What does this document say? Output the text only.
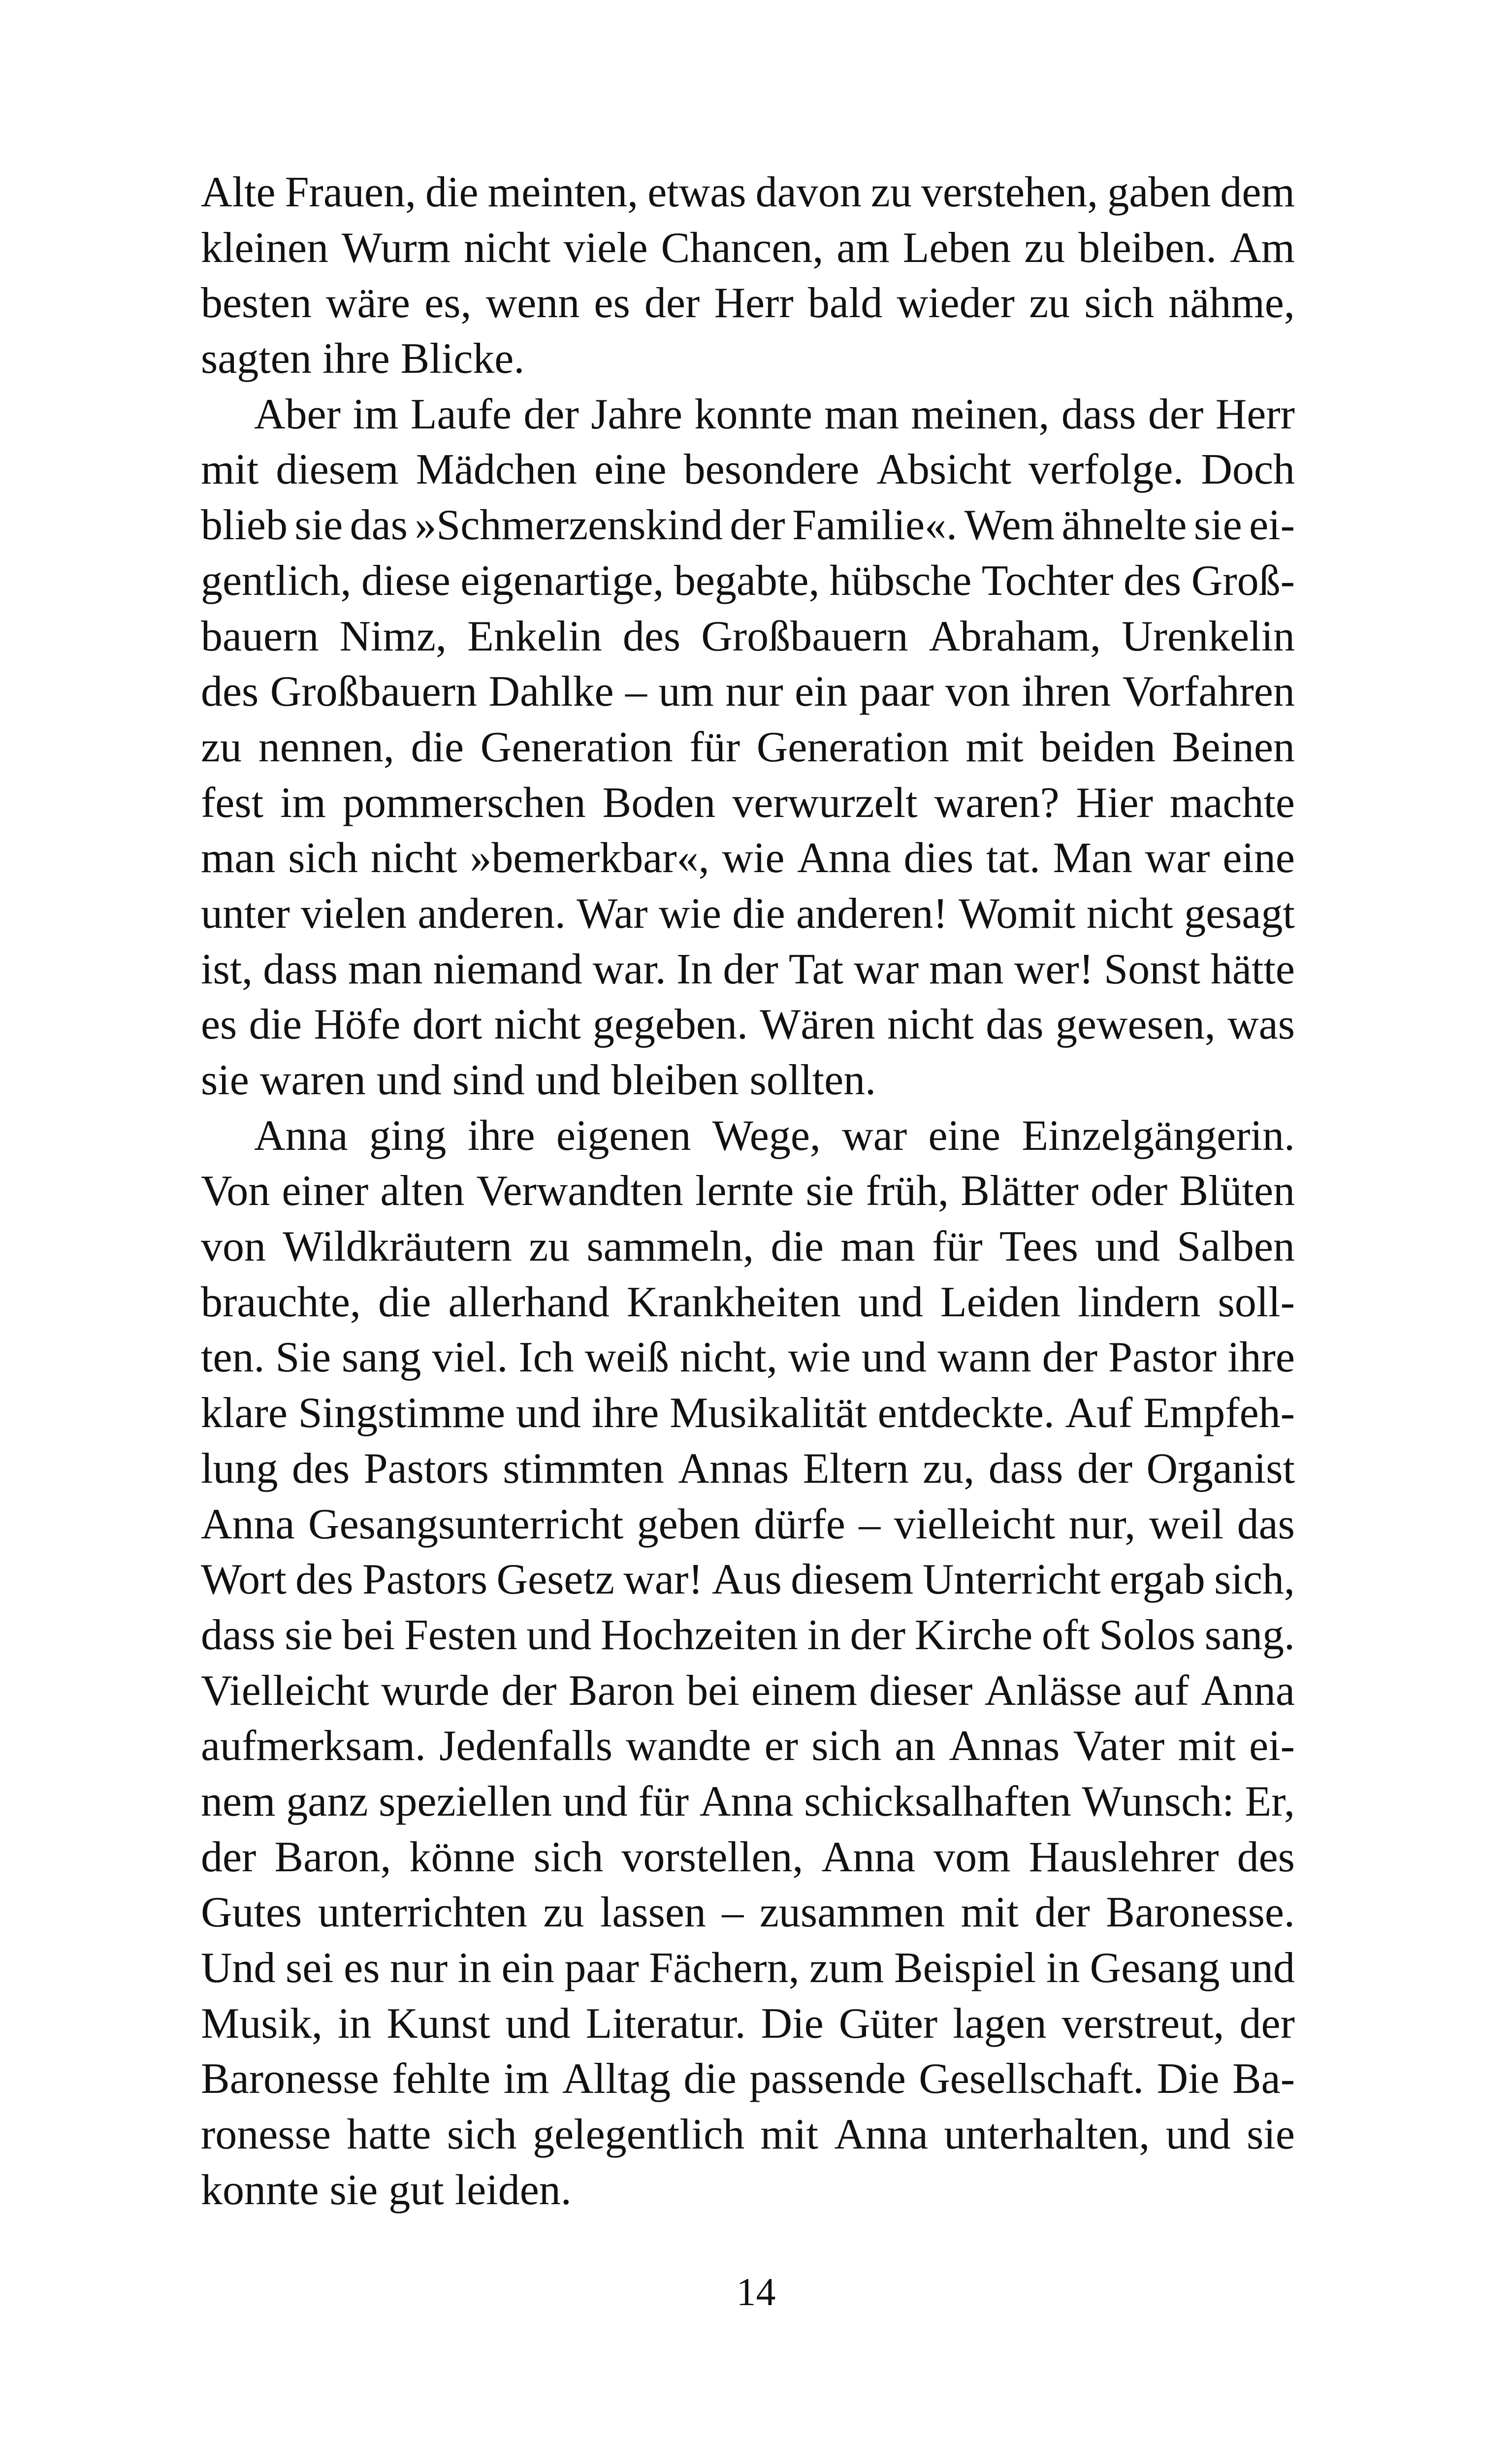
Alte Frauen, die meinten, etwas davon zu verstehen, gaben dem
kleinen Wurm nicht viele Chancen, am Leben zu bleiben. Am
besten wäre es, wenn es der Herr bald wieder zu sich nähme,
sagten ihre Blicke.
Aber im Laufe der Jahre konnte man meinen, dass der Herr
mit diesem Mädchen eine besondere Absicht verfolge. Doch
blieb sie das »Schmerzenskind der Familie«. Wem ähnelte sie ei-
gentlich, diese eigenartige, begabte, hübsche Tochter des Groß-
bauern Nimz, Enkelin des Großbauern Abraham, Urenkelin
des Großbauern Dahlke – um nur ein paar von ihren Vorfahren
zu nennen, die Generation für Generation mit beiden Beinen
fest im pommerschen Boden verwurzelt waren? Hier machte
man sich nicht »bemerkbar«, wie Anna dies tat. Man war eine
unter vielen anderen. War wie die anderen! Womit nicht gesagt
ist, dass man niemand war. In der Tat war man wer! Sonst hätte
es die Höfe dort nicht gegeben. Wären nicht das gewesen, was
sie waren und sind und bleiben sollten.
Anna ging ihre eigenen Wege, war eine Einzelgängerin.
Von einer alten Verwandten lernte sie früh, Blätter oder Blüten
von Wildkräutern zu sammeln, die man für Tees und Salben
brauchte, die allerhand Krankheiten und Leiden lindern soll-
ten. Sie sang viel. Ich weiß nicht, wie und wann der Pastor ihre
klare Singstimme und ihre Musikalität entdeckte. Auf Empfeh-
lung des Pastors stimmten Annas Eltern zu, dass der Organist
Anna Gesangsunterricht geben dürfe – vielleicht nur, weil das
Wort des Pastors Gesetz war! Aus diesem Unterricht ergab sich,
dass sie bei Festen und Hochzeiten in der Kirche oft Solos sang.
Vielleicht wurde der Baron bei einem dieser Anlässe auf Anna
aufmerksam. Jedenfalls wandte er sich an Annas Vater mit ei-
nem ganz speziellen und für Anna schicksalhaften Wunsch: Er,
der Baron, könne sich vorstellen, Anna vom Hauslehrer des
Gutes unterrichten zu lassen – zusammen mit der Baronesse.
Und sei es nur in ein paar Fächern, zum Beispiel in Gesang und
Musik, in Kunst und Literatur. Die Güter lagen verstreut, der
Baronesse fehlte im Alltag die passende Gesellschaft. Die Ba-
ronesse hatte sich gelegentlich mit Anna unterhalten, und sie
konnte sie gut leiden.
14
